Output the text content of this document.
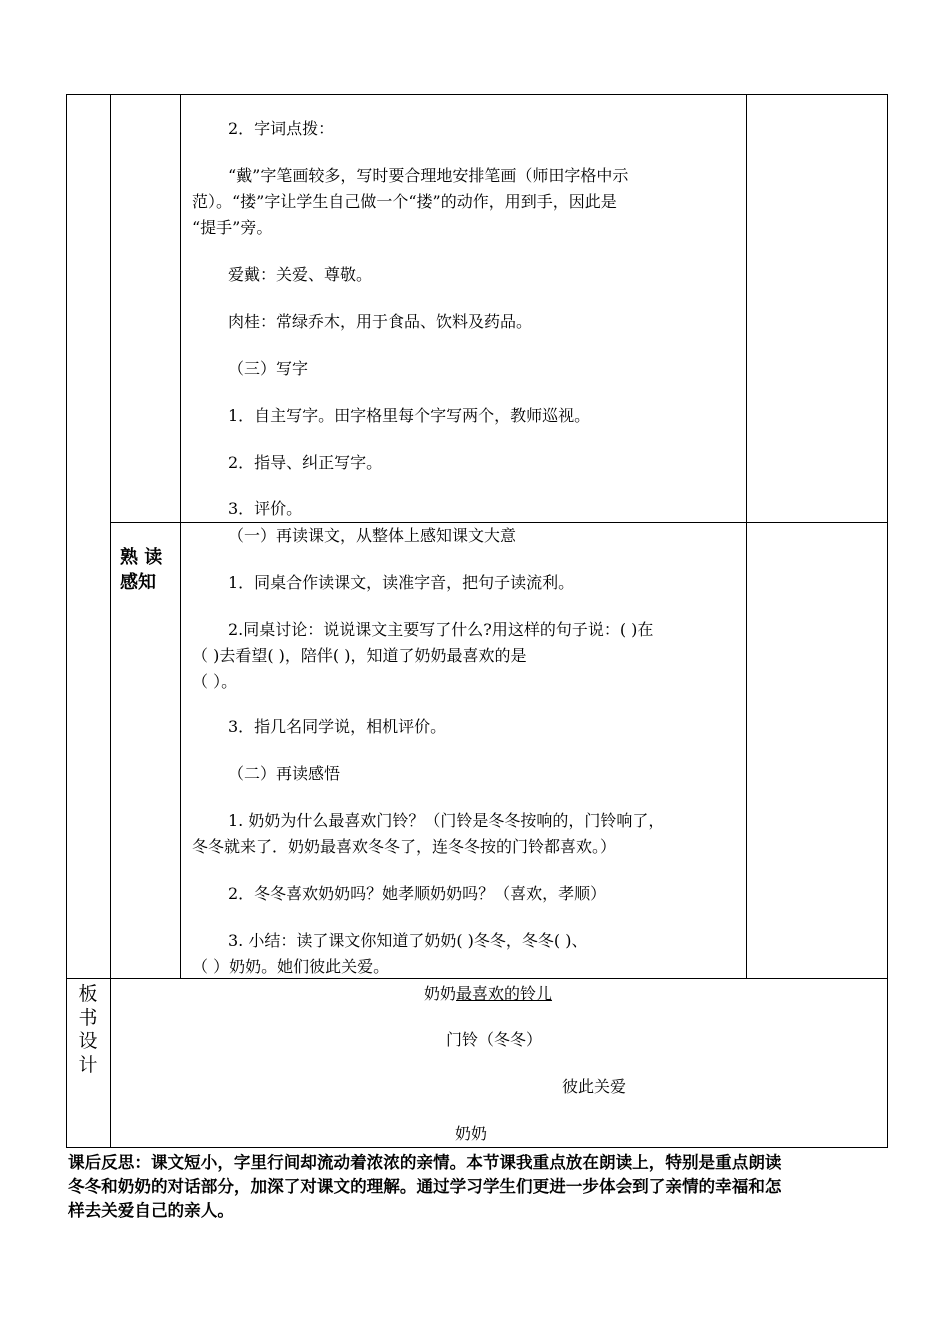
2．字词点拨：

“戴”字笔画较多，写时要合理地安排笔画（师田字格中示

范）。“搂”字让学生自己做一个“搂”的动作，用到手，因此是

“提手”旁。

爱戴：关爱、尊敬。

肉桂：常绿乔木，用于食品、饮料及药品。

（三）写字

1．自主写字。田字格里每个字写两个，教师巡视。

2．指导、纠正写字。

3．评价。

熟 读

感知

（一）再读课文，从整体上感知课文大意

1．同桌合作读课文，读准字音，把句子读流利。

2.同桌讨论：说说课文主要写了什么?用这样的句子说：( )在

（ )去看望( )，陪伴( )，知道了奶奶最喜欢的是

（ ）。

3．指几名同学说，相机评价。

（二）再读感悟

1. 奶奶为什么最喜欢门铃？（门铃是冬冬按响的，门铃响了，

冬冬就来了．奶奶最喜欢冬冬了，连冬冬按的门铃都喜欢。）

2．冬冬喜欢奶奶吗？她孝顺奶奶吗？（喜欢，孝顺）

3. 小结：读了课文你知道了奶奶( )冬冬，冬冬( )、

（ ）奶奶。她们彼此关爱。

板
书
设
计

奶奶最喜欢的铃儿

门铃（冬冬）

彼此关爱

奶奶

课后反思：课文短小，字里行间却流动着浓浓的亲情。本节课我重点放在朗读上，特别是重点朗读

冬冬和奶奶的对话部分，加深了对课文的理解。通过学习学生们更进一步体会到了亲情的幸福和怎

样去关爱自己的亲人。
